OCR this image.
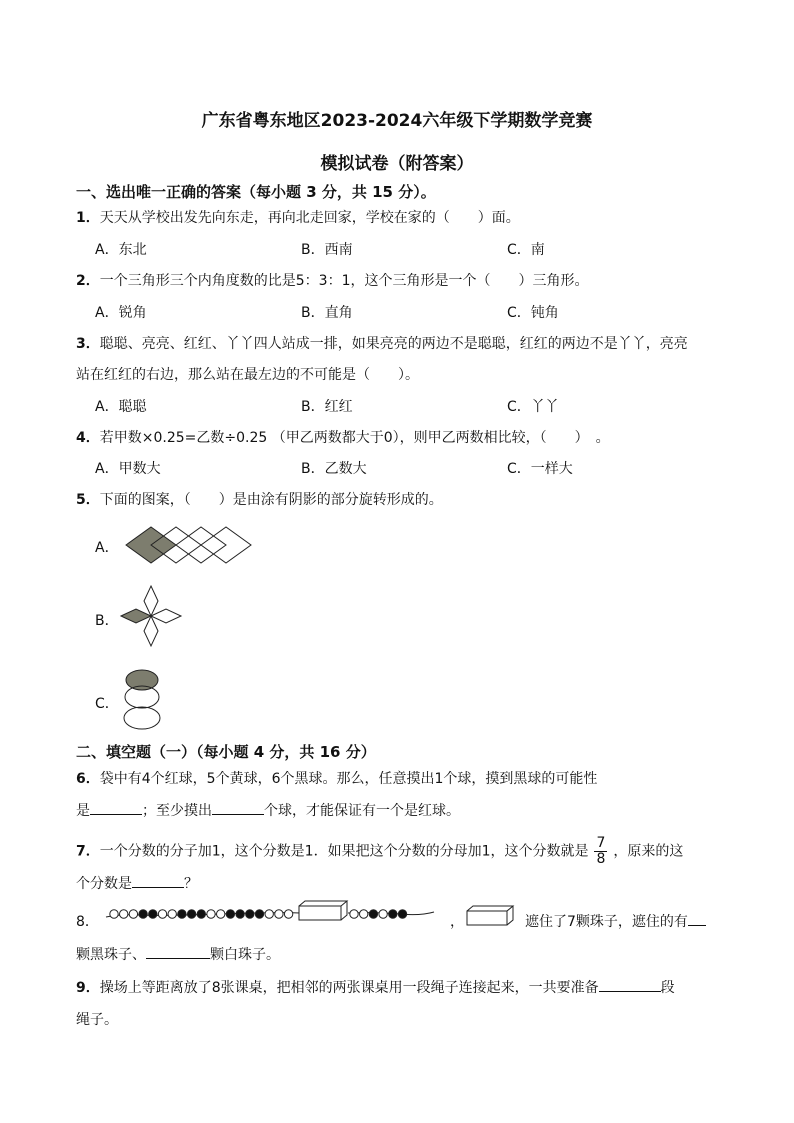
广东省粤东地区2023-2024六年级下学期数学竞赛
模拟试卷（附答案）
一、选出唯一正确的答案（每小题 3 分，共 15 分）。
1．天天从学校出发先向东走，再向北走回家，学校在家的（　　）面。
A．东北	B．西南	C．南
2．一个三角形三个内角度数的比是5：3：1，这个三角形是一个（　　）三角形。
A．锐角	B．直角	C．钝角
3．聪聪、亮亮、红红、丫丫四人站成一排，如果亮亮的两边不是聪聪，红红的两边不是丫丫，亮亮
站在红红的右边，那么站在最左边的不可能是（　　）。
A．聪聪	B．红红	C．丫丫
4．若甲数×0.25=乙数÷0.25 （甲乙两数都大于0），则甲乙两数相比较，（　　）　。
A．甲数大	B．乙数大	C．一样大
5．下面的图案，（　　）是由涂有阴影的部分旋转形成的。
A．
B．
C．
二、填空题（一）（每小题 4 分，共 16 分）
6．袋中有4个红球，5个黄球，6个黑球。那么，任意摸出1个球，摸到黑球的可能性
是	；至少摸出	个球，才能保证有一个是红球。
7．一个分数的分子加1，这个分数是1．如果把这个分数的分母加1，这个分数就是 $\frac{7}{8}$ ，原来的这
个分数是	？
8．	，	遮住了7颗珠子，遮住的有
颗黑珠子、	颗白珠子。
9．操场上等距离放了8张课桌，把相邻的两张课桌用一段绳子连接起来，一共要准备	段
绳子。
